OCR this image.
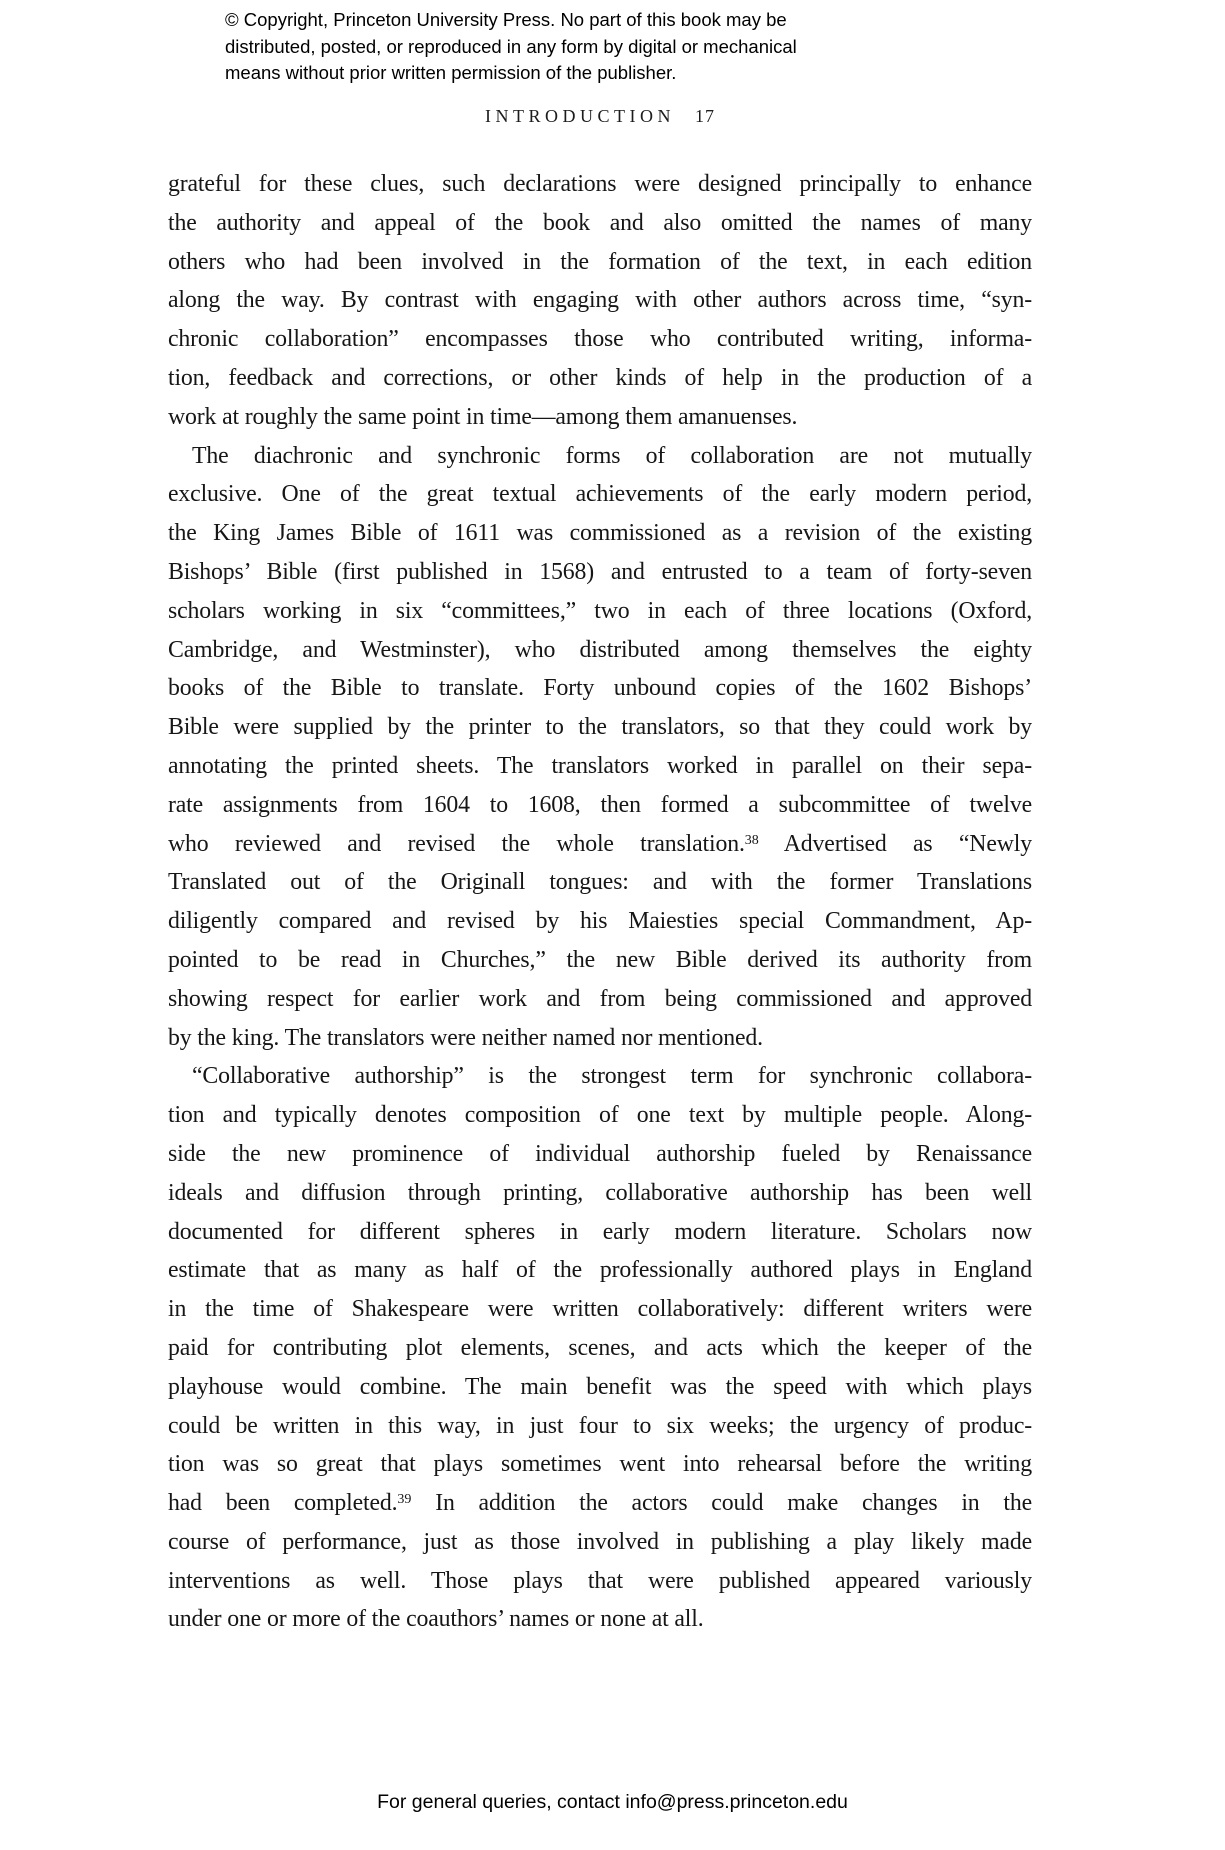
© Copyright, Princeton University Press. No part of this book may be
distributed, posted, or reproduced in any form by digital or mechanical
means without prior written permission of the publisher.
INTRODUCTION 17
grateful for these clues, such declarations were designed principally to enhance
the authority and appeal of the book and also omitted the names of many
others who had been involved in the formation of the text, in each edition
along the way. By contrast with engaging with other authors across time, “syn-
chronic collaboration” encompasses those who contributed writing, informa-
tion, feedback and corrections, or other kinds of help in the production of a
work at roughly the same point in time—among them amanuenses.
The diachronic and synchronic forms of collaboration are not mutually
exclusive. One of the great textual achievements of the early modern period,
the King James Bible of 1611 was commissioned as a revision of the existing
Bishops’ Bible (first published in 1568) and entrusted to a team of forty-seven
scholars working in six “committees,” two in each of three locations (Oxford,
Cambridge, and Westminster), who distributed among themselves the eighty
books of the Bible to translate. Forty unbound copies of the 1602 Bishops’
Bible were supplied by the printer to the translators, so that they could work by
annotating the printed sheets. The translators worked in parallel on their sepa-
rate assignments from 1604 to 1608, then formed a subcommittee of twelve
who reviewed and revised the whole translation.$^{38}$ Advertised as “Newly
Translated out of the Originall tongues: and with the former Translations
diligently compared and revised by his Maiesties special Commandment, Ap-
pointed to be read in Churches,” the new Bible derived its authority from
showing respect for earlier work and from being commissioned and approved
by the king. The translators were neither named nor mentioned.
“Collaborative authorship” is the strongest term for synchronic collabora-
tion and typically denotes composition of one text by multiple people. Along-
side the new prominence of individual authorship fueled by Renaissance
ideals and diffusion through printing, collaborative authorship has been well
documented for different spheres in early modern literature. Scholars now
estimate that as many as half of the professionally authored plays in England
in the time of Shakespeare were written collaboratively: different writers were
paid for contributing plot elements, scenes, and acts which the keeper of the
playhouse would combine. The main benefit was the speed with which plays
could be written in this way, in just four to six weeks; the urgency of produc-
tion was so great that plays sometimes went into rehearsal before the writing
had been completed.$^{39}$ In addition the actors could make changes in the
course of performance, just as those involved in publishing a play likely made
interventions as well. Those plays that were published appeared variously
under one or more of the coauthors’ names or none at all.
For general queries, contact info@press.princeton.edu
